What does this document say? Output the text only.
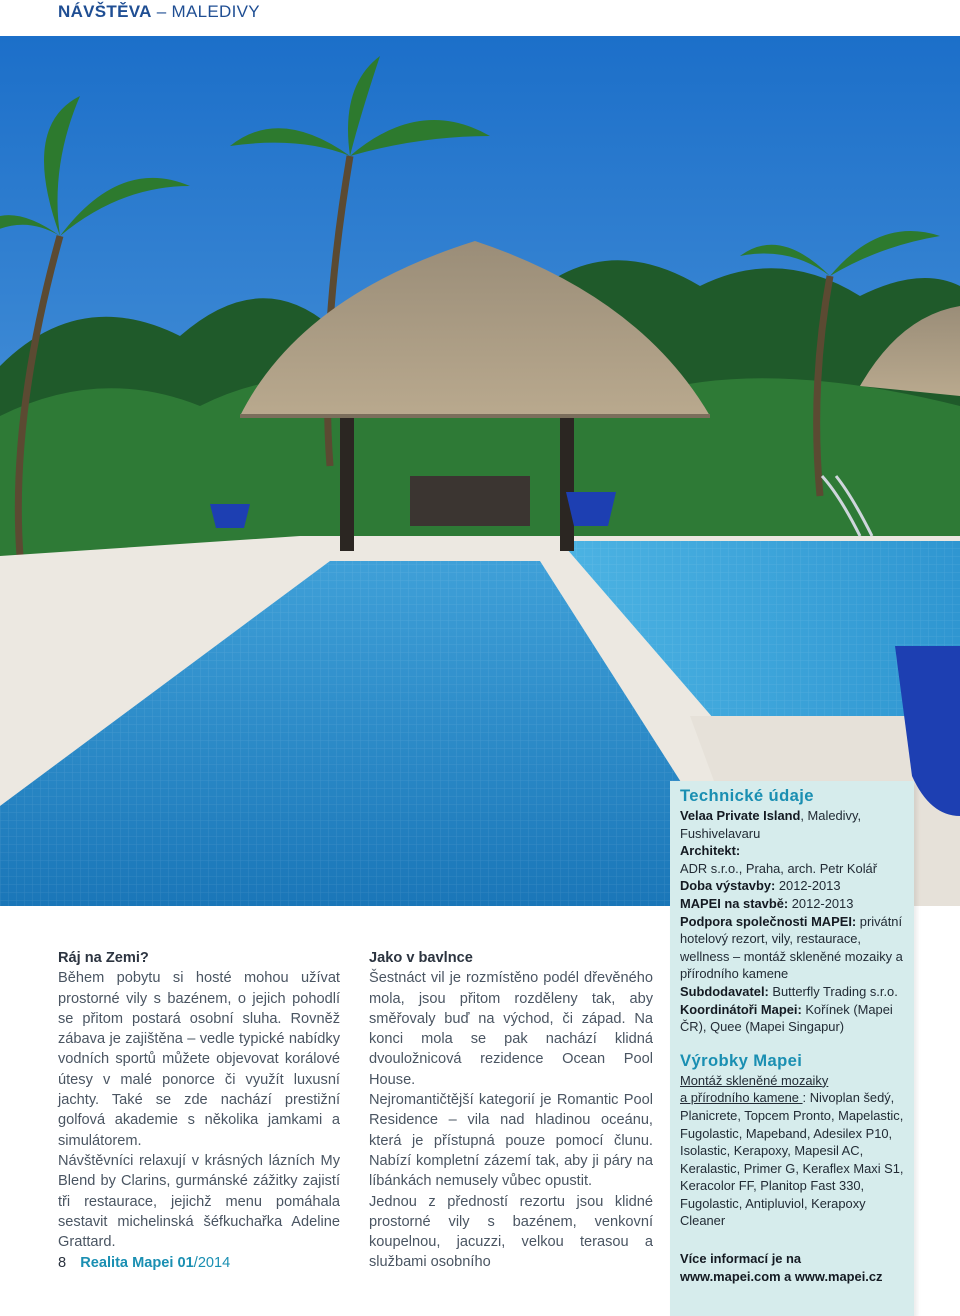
NÁVŠTĚVA – MALEDIVY
Ráj na Zemi?

Během pobytu si hosté mohou užívat prostorné vily s bazénem, o jejich pohodlí se přitom postará osobní sluha. Rovněž zábava je zajištěna – vedle typické nabídky vodních sportů můžete objevovat korálové útesy v malé ponorce či využít luxusní jachty. Také se zde nachází prestižní golfová akademie s několika jamkami a simulátorem.

Návštěvníci relaxují v krásných lázních My Blend by Clarins, gurmánské zážitky zajistí tři restaurace, jejichž menu pomáhala sestavit michelinská šéfkuchařka Adeline Grattard.

Jako v bavlnce

Šestnáct vil je rozmístěno podél dřevěného mola, jsou přitom rozděleny tak, aby směřovaly buď na východ, či západ. Na konci mola se pak nachází klidná dvouložnicová rezidence Ocean Pool House.

Nejromantičtější kategorií je Romantic Pool Residence – vila nad hladinou oceánu, která je přístupná pouze pomocí člunu. Nabízí kompletní zázemí tak, aby ji páry na líbánkách nemusely vůbec opustit.

Jednou z předností rezortu jsou klidné prostorné vily s bazénem, venkovní koupelnou, jacuzzi, velkou terasou a službami osobního

Technické údaje
Velaa Private Island, Maledivy, Fushivelavaru
Architekt:
ADR s.r.o., Praha, arch. Petr Kolář
Doba výstavby: 2012-2013
MAPEI na stavbě: 2012-2013
Podpora společnosti MAPEI: privátní hotelový rezort, vily, restaurace, wellness – montáž skleněné mozaiky a přírodního kamene
Subdodavatel: Butterfly Trading s.r.o.
Koordinátoři Mapei: Kořínek (Mapei ČR), Quee (Mapei Singapur)
Výrobky Mapei
Montáž skleněné mozaiky
a přírodního kamene : Nivoplan šedý, Planicrete, Topcem Pronto, Mapelastic, Fugolastic, Mapeband, Adesilex P10, Isolastic, Kerapoxy, Mapesil AC, Keralastic, Primer G, Keraflex Maxi S1, Keracolor FF, Planitop Fast 330, Fugolastic, Antipluviol, Kerapoxy Cleaner
Více informací je na
www.mapei.com a www.mapei.cz
8 Realita Mapei 01/2014
